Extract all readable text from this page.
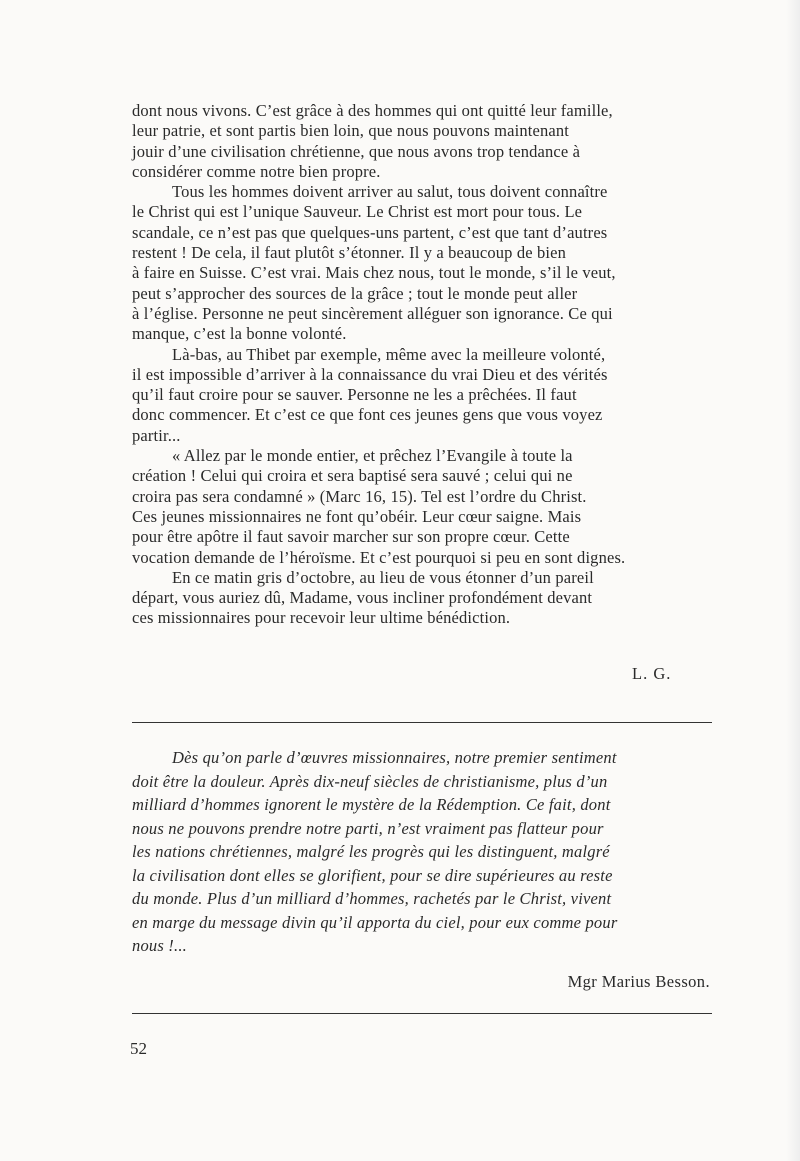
dont nous vivons. C’est grâce à des hommes qui ont quitté leur famille,
leur patrie, et sont partis bien loin, que nous pouvons maintenant
jouir d’une civilisation chrétienne, que nous avons trop tendance à
considérer comme notre bien propre.

Tous les hommes doivent arriver au salut, tous doivent connaître
le Christ qui est l’unique Sauveur. Le Christ est mort pour tous. Le
scandale, ce n’est pas que quelques-uns partent, c’est que tant d’autres
restent ! De cela, il faut plutôt s’étonner. Il y a beaucoup de bien
à faire en Suisse. C’est vrai. Mais chez nous, tout le monde, s’il le veut,
peut s’approcher des sources de la grâce ; tout le monde peut aller
à l’église. Personne ne peut sincèrement alléguer son ignorance. Ce qui
manque, c’est la bonne volonté.

Là-bas, au Thibet par exemple, même avec la meilleure volonté,
il est impossible d’arriver à la connaissance du vrai Dieu et des vérités
qu’il faut croire pour se sauver. Personne ne les a prêchées. Il faut
donc commencer. Et c’est ce que font ces jeunes gens que vous voyez
partir...

« Allez par le monde entier, et prêchez l’Evangile à toute la
création ! Celui qui croira et sera baptisé sera sauvé ; celui qui ne
croira pas sera condamné » (Marc 16, 15). Tel est l’ordre du Christ.
Ces jeunes missionnaires ne font qu’obéir. Leur cœur saigne. Mais
pour être apôtre il faut savoir marcher sur son propre cœur. Cette
vocation demande de l’héroïsme. Et c’est pourquoi si peu en sont dignes.

En ce matin gris d’octobre, au lieu de vous étonner d’un pareil
départ, vous auriez dû, Madame, vous incliner profondément devant
ces missionnaires pour recevoir leur ultime bénédiction.

L. G.

Dès qu’on parle d’œuvres missionnaires, notre premier sentiment
doit être la douleur. Après dix-neuf siècles de christianisme, plus d’un
milliard d’hommes ignorent le mystère de la Rédemption. Ce fait, dont
nous ne pouvons prendre notre parti, n’est vraiment pas flatteur pour
les nations chrétiennes, malgré les progrès qui les distinguent, malgré
la civilisation dont elles se glorifient, pour se dire supérieures au reste
du monde. Plus d’un milliard d’hommes, rachetés par le Christ, vivent
en marge du message divin qu’il apporta du ciel, pour eux comme pour
nous !...

Mgr Marius Besson.
52
